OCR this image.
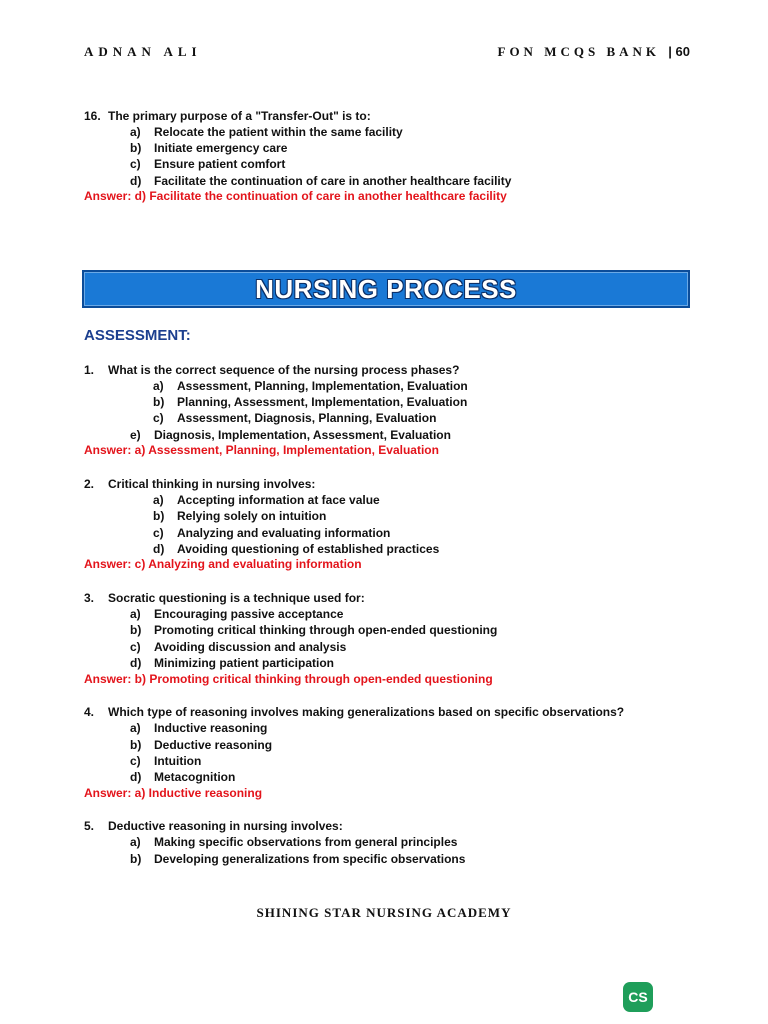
ADNAN ALI	FON MCQS BANK | 60
16. The primary purpose of a "Transfer-Out" is to:
a) Relocate the patient within the same facility
b) Initiate emergency care
c) Ensure patient comfort
d) Facilitate the continuation of care in another healthcare facility
Answer: d) Facilitate the continuation of care in another healthcare facility
NURSING PROCESS
ASSESSMENT:
1. What is the correct sequence of the nursing process phases?
a) Assessment, Planning, Implementation, Evaluation
b) Planning, Assessment, Implementation, Evaluation
c) Assessment, Diagnosis, Planning, Evaluation
e) Diagnosis, Implementation, Assessment, Evaluation
Answer: a) Assessment, Planning, Implementation, Evaluation
2. Critical thinking in nursing involves:
a) Accepting information at face value
b) Relying solely on intuition
c) Analyzing and evaluating information
d) Avoiding questioning of established practices
Answer: c) Analyzing and evaluating information
3. Socratic questioning is a technique used for:
a) Encouraging passive acceptance
b) Promoting critical thinking through open-ended questioning
c) Avoiding discussion and analysis
d) Minimizing patient participation
Answer: b) Promoting critical thinking through open-ended questioning
4. Which type of reasoning involves making generalizations based on specific observations?
a) Inductive reasoning
b) Deductive reasoning
c) Intuition
d) Metacognition
Answer: a) Inductive reasoning
5. Deductive reasoning in nursing involves:
a) Making specific observations from general principles
b) Developing generalizations from specific observations
SHINING STAR NURSING ACADEMY
CS
